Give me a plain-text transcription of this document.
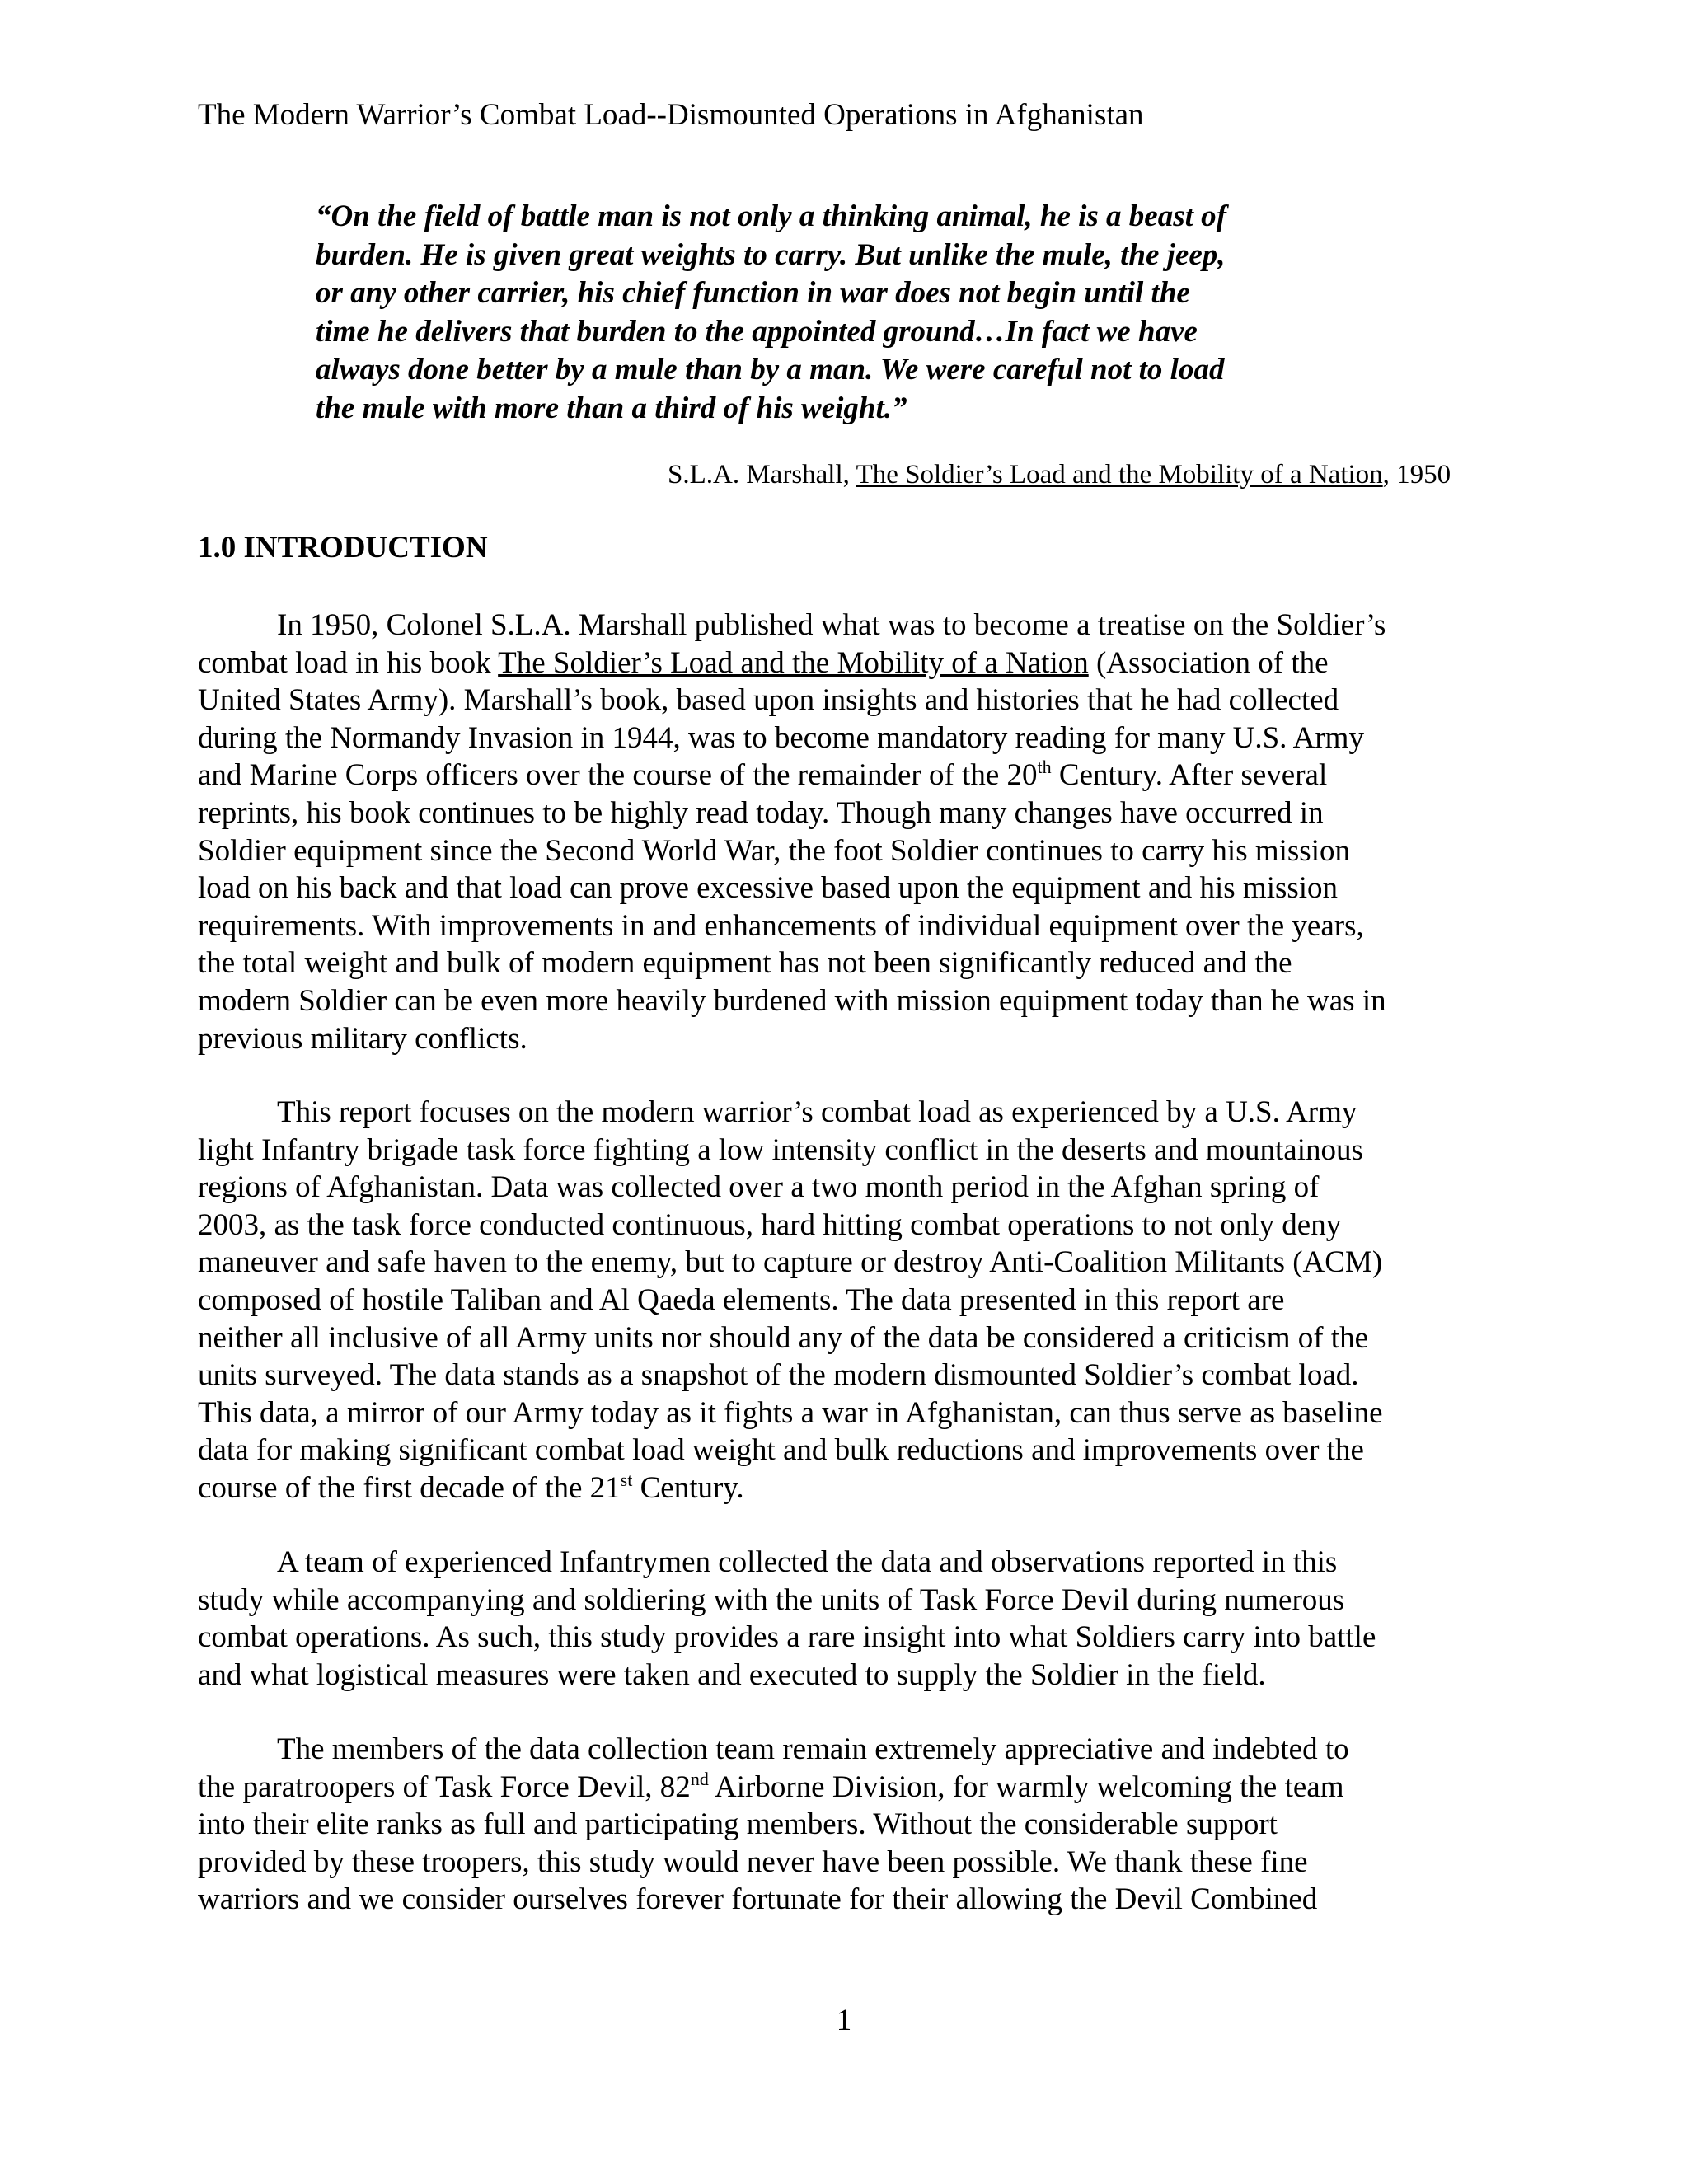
The Modern Warrior’s Combat Load--Dismounted Operations in Afghanistan
“On the field of battle man is not only a thinking animal, he is a beast of
burden. He is given great weights to carry. But unlike the mule, the jeep,
or any other carrier, his chief function in war does not begin until the
time he delivers that burden to the appointed ground…In fact we have
always done better by a mule than by a man. We were careful not to load
the mule with more than a third of his weight.”
S.L.A. Marshall, The Soldier’s Load and the Mobility of a Nation, 1950
1.0 INTRODUCTION
In 1950, Colonel S.L.A. Marshall published what was to become a treatise on the Soldier’s
combat load in his book The Soldier’s Load and the Mobility of a Nation (Association of the
United States Army). Marshall’s book, based upon insights and histories that he had collected
during the Normandy Invasion in 1944, was to become mandatory reading for many U.S. Army
and Marine Corps officers over the course of the remainder of the 20th Century. After several
reprints, his book continues to be highly read today. Though many changes have occurred in
Soldier equipment since the Second World War, the foot Soldier continues to carry his mission
load on his back and that load can prove excessive based upon the equipment and his mission
requirements. With improvements in and enhancements of individual equipment over the years,
the total weight and bulk of modern equipment has not been significantly reduced and the
modern Soldier can be even more heavily burdened with mission equipment today than he was in
previous military conflicts.
This report focuses on the modern warrior’s combat load as experienced by a U.S. Army
light Infantry brigade task force fighting a low intensity conflict in the deserts and mountainous
regions of Afghanistan. Data was collected over a two month period in the Afghan spring of
2003, as the task force conducted continuous, hard hitting combat operations to not only deny
maneuver and safe haven to the enemy, but to capture or destroy Anti-Coalition Militants (ACM)
composed of hostile Taliban and Al Qaeda elements. The data presented in this report are
neither all inclusive of all Army units nor should any of the data be considered a criticism of the
units surveyed. The data stands as a snapshot of the modern dismounted Soldier’s combat load.
This data, a mirror of our Army today as it fights a war in Afghanistan, can thus serve as baseline
data for making significant combat load weight and bulk reductions and improvements over the
course of the first decade of the 21st Century.
A team of experienced Infantrymen collected the data and observations reported in this
study while accompanying and soldiering with the units of Task Force Devil during numerous
combat operations. As such, this study provides a rare insight into what Soldiers carry into battle
and what logistical measures were taken and executed to supply the Soldier in the field.
The members of the data collection team remain extremely appreciative and indebted to
the paratroopers of Task Force Devil, 82nd Airborne Division, for warmly welcoming the team
into their elite ranks as full and participating members. Without the considerable support
provided by these troopers, this study would never have been possible. We thank these fine
warriors and we consider ourselves forever fortunate for their allowing the Devil Combined
1
